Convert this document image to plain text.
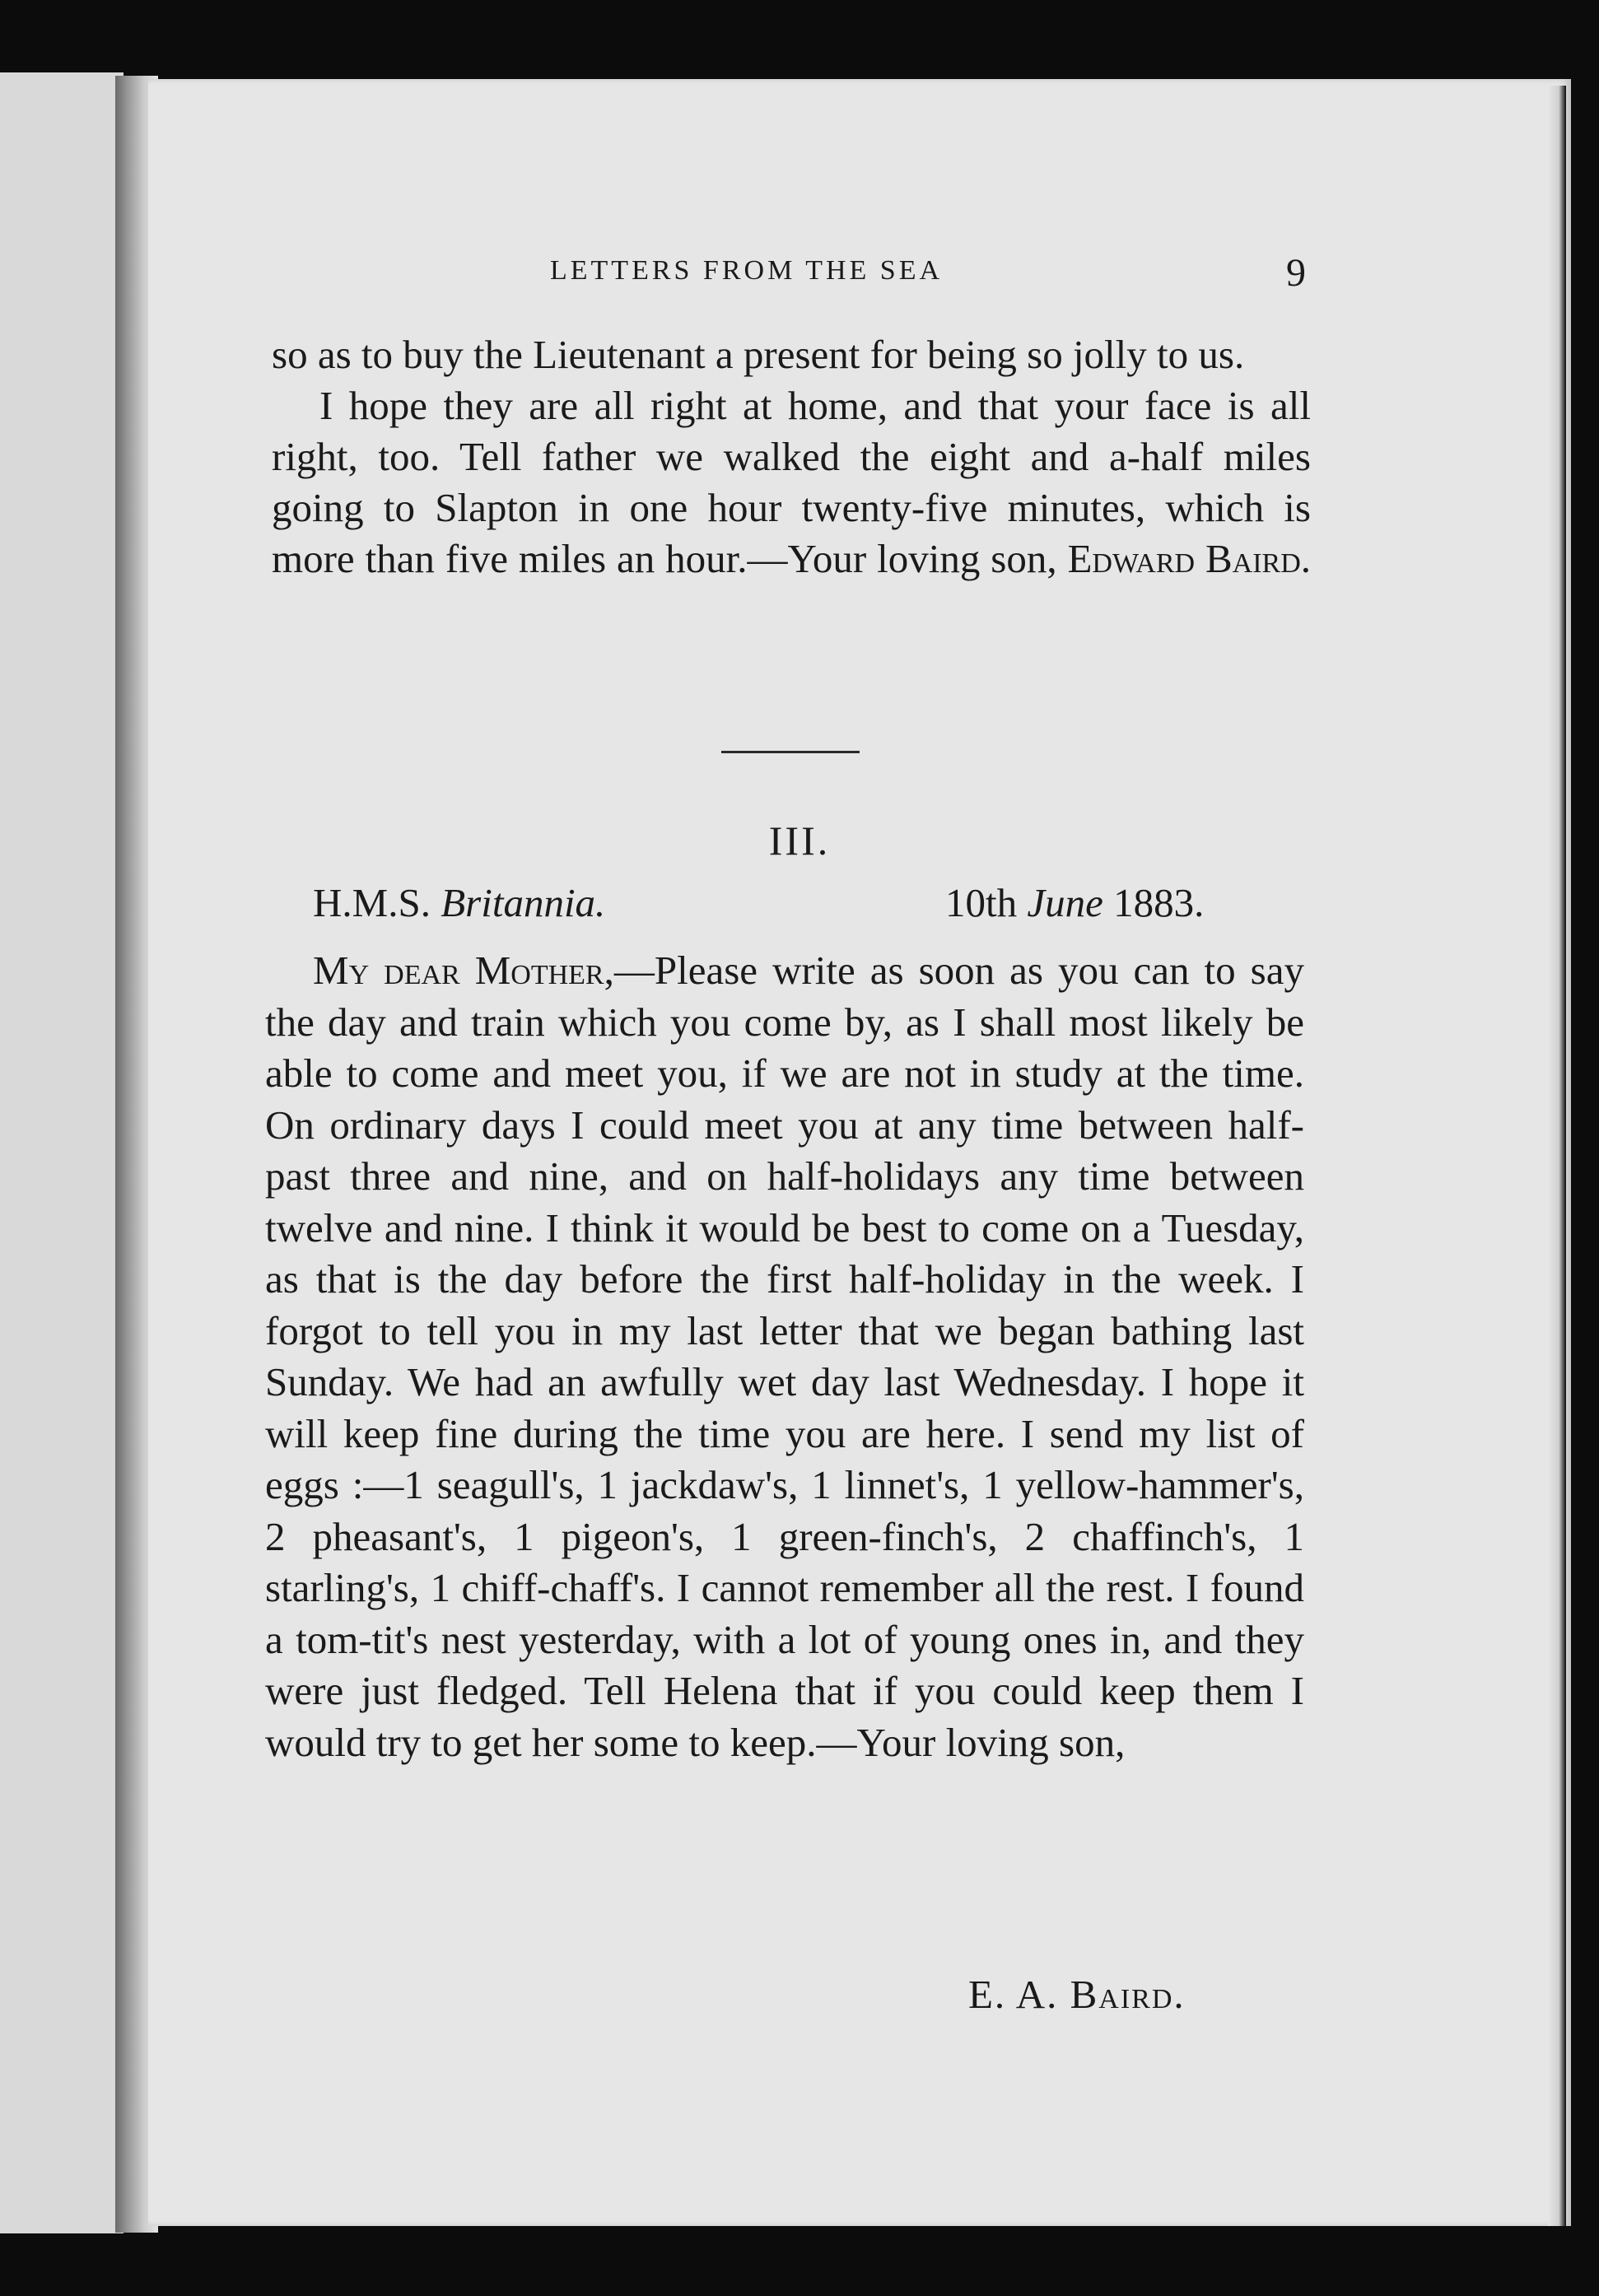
LETTERS FROM THE SEA	9

so as to buy the Lieutenant a present for being so jolly to us.

I hope they are all right at home, and that your face is all right, too. Tell father we walked the eight and a-half miles going to Slapton in one hour twenty-five minutes, which is more than five miles an hour.—Your loving son, Edward Baird.

III.
H.M.S. Britannia.	10th June 1883.

My dear Mother,—Please write as soon as you can to say the day and train which you come by, as I shall most likely be able to come and meet you, if we are not in study at the time. On ordinary days I could meet you at any time between half-past three and nine, and on half-holidays any time between twelve and nine. I think it would be best to come on a Tuesday, as that is the day before the first half-holiday in the week. I forgot to tell you in my last letter that we began bathing last Sunday. We had an awfully wet day last Wednesday. I hope it will keep fine during the time you are here. I send my list of eggs :—1 seagull's, 1 jackdaw's, 1 linnet's, 1 yellow-hammer's, 2 pheasant's, 1 pigeon's, 1 green-finch's, 2 chaffinch's, 1 starling's, 1 chiff-chaff's. I cannot remember all the rest. I found a tom-tit's nest yesterday, with a lot of young ones in, and they were just fledged. Tell Helena that if you could keep them I would try to get her some to keep.—Your loving son,

E. A. Baird.
